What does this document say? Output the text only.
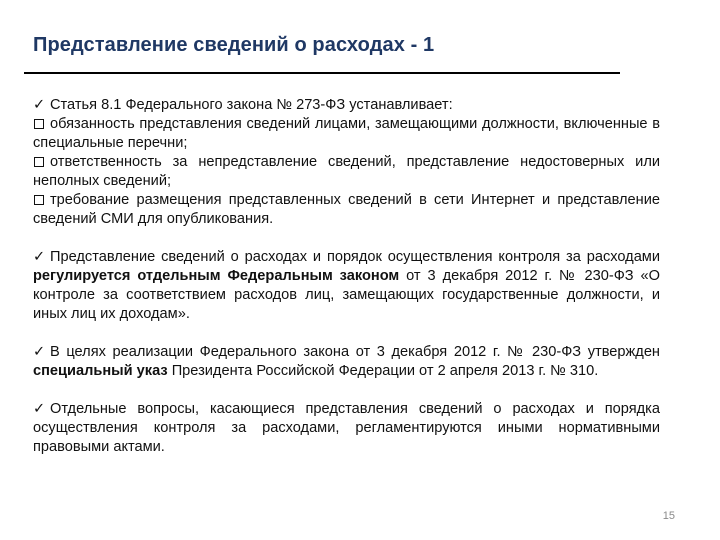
Представление сведений о расходах - 1

✓ Статья 8.1 Федерального закона № 273-ФЗ устанавливает:

обязанность представления сведений лицами, замещающими должности, включенные в специальные перечни;

ответственность за непредставление сведений, представление недостоверных или неполных сведений;

требование размещения представленных сведений в сети Интернет и представление сведений СМИ для опубликования.

✓ Представление сведений о расходах и порядок осуществления контроля за расходами регулируется отдельным Федеральным законом от 3 декабря 2012 г. № 230-ФЗ «О контроле за соответствием расходов лиц, замещающих государственные должности, и иных лиц их доходам».

✓ В целях реализации Федерального закона от 3 декабря 2012 г. № 230-ФЗ утвержден специальный указ Президента Российской Федерации от 2 апреля 2013 г. № 310.

✓ Отдельные вопросы, касающиеся представления сведений о расходах и порядка осуществления контроля за расходами, регламентируются иными нормативными правовыми актами.

15
